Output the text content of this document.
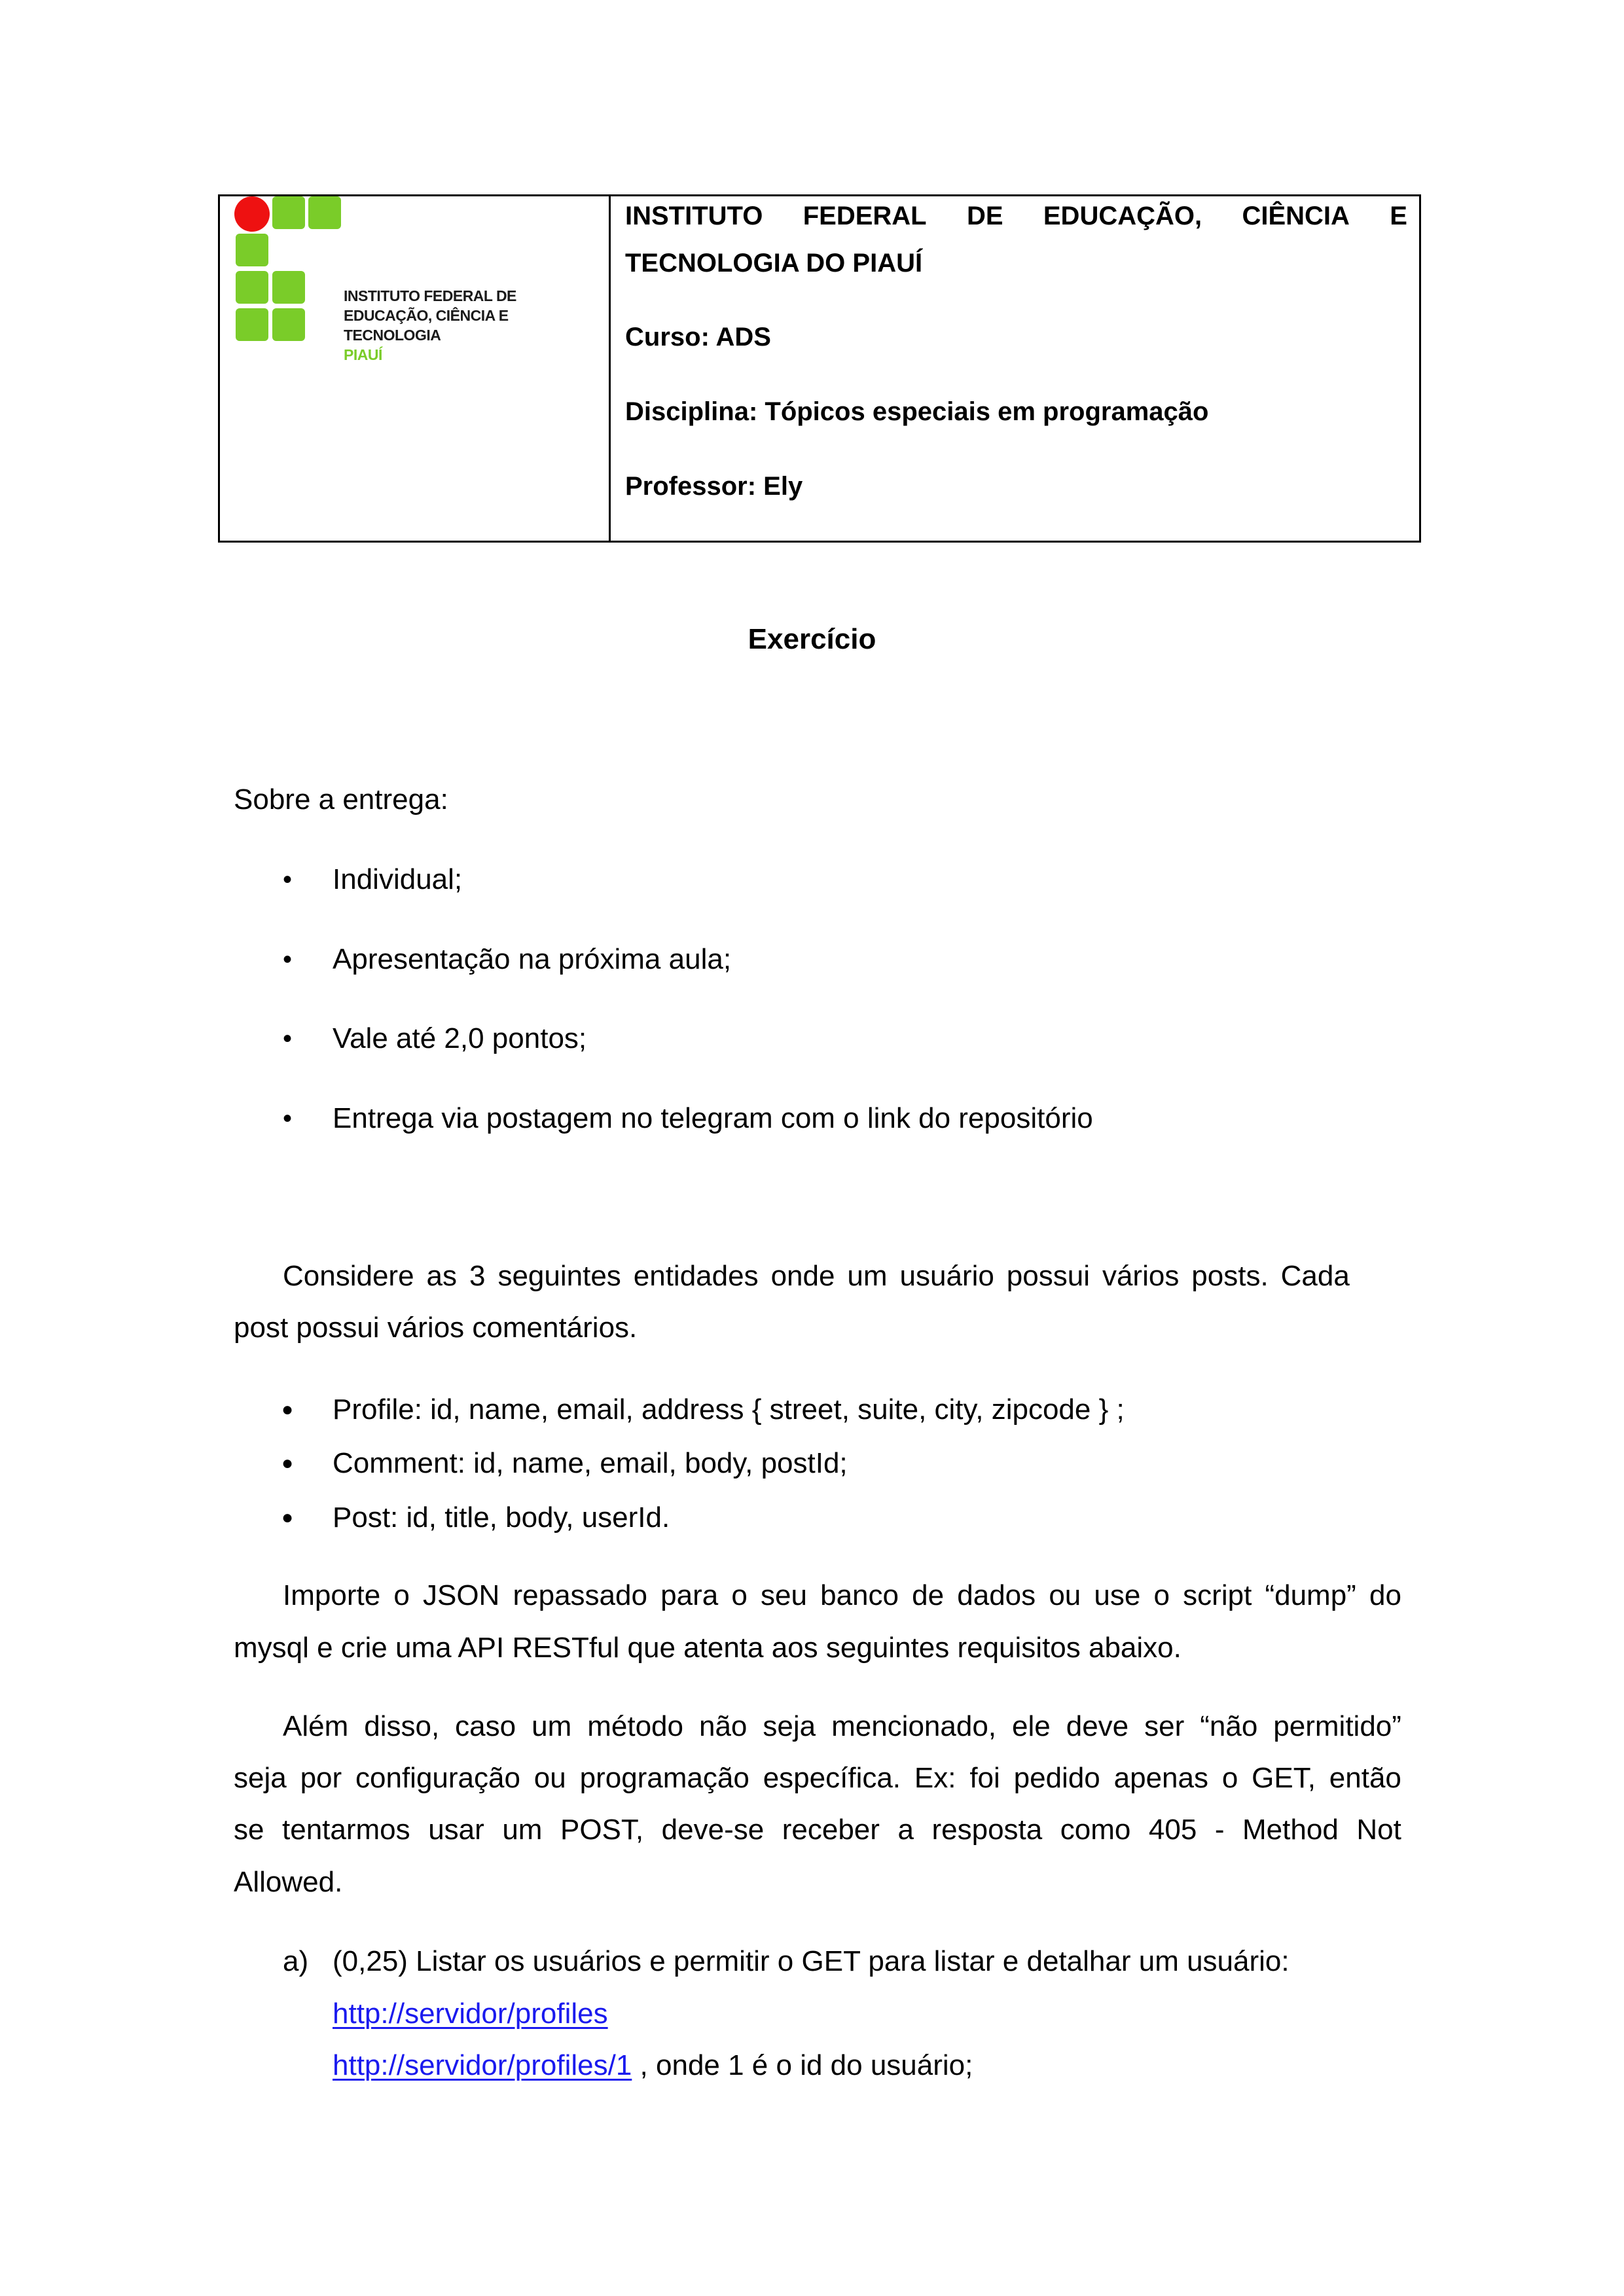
INSTITUTO FEDERAL DE
EDUCAÇÃO, CIÊNCIA E TECNOLOGIA
PIAUÍ
INSTITUTO FEDERAL DE EDUCAÇÃO, CIÊNCIA E
TECNOLOGIA DO PIAUÍ
Curso: ADS
Disciplina: Tópicos especiais em programação
Professor: Ely
Exercício
Sobre a entrega:
• Individual;
• Apresentação na próxima aula;
• Vale até 2,0 pontos;
• Entrega via postagem no telegram com o link do repositório
Considere as 3 seguintes entidades onde um usuário possui vários posts. Cada
post possui vários comentários.
● Profile: id, name, email, address { street, suite, city, zipcode } ;
● Comment: id, name, email, body, postId;
● Post: id, title, body, userId.
Importe o JSON repassado para o seu banco de dados ou use o script “dump” do
mysql e crie uma API RESTful que atenta aos seguintes requisitos abaixo.
Além disso, caso um método não seja mencionado, ele deve ser “não permitido”
seja por configuração ou programação específica. Ex: foi pedido apenas o GET, então
se tentarmos usar um POST, deve-se receber a resposta como 405 - Method Not
Allowed.
a) (0,25) Listar os usuários e permitir o GET para listar e detalhar um usuário:
http://servidor/profiles
http://servidor/profiles/1 , onde 1 é o id do usuário;
